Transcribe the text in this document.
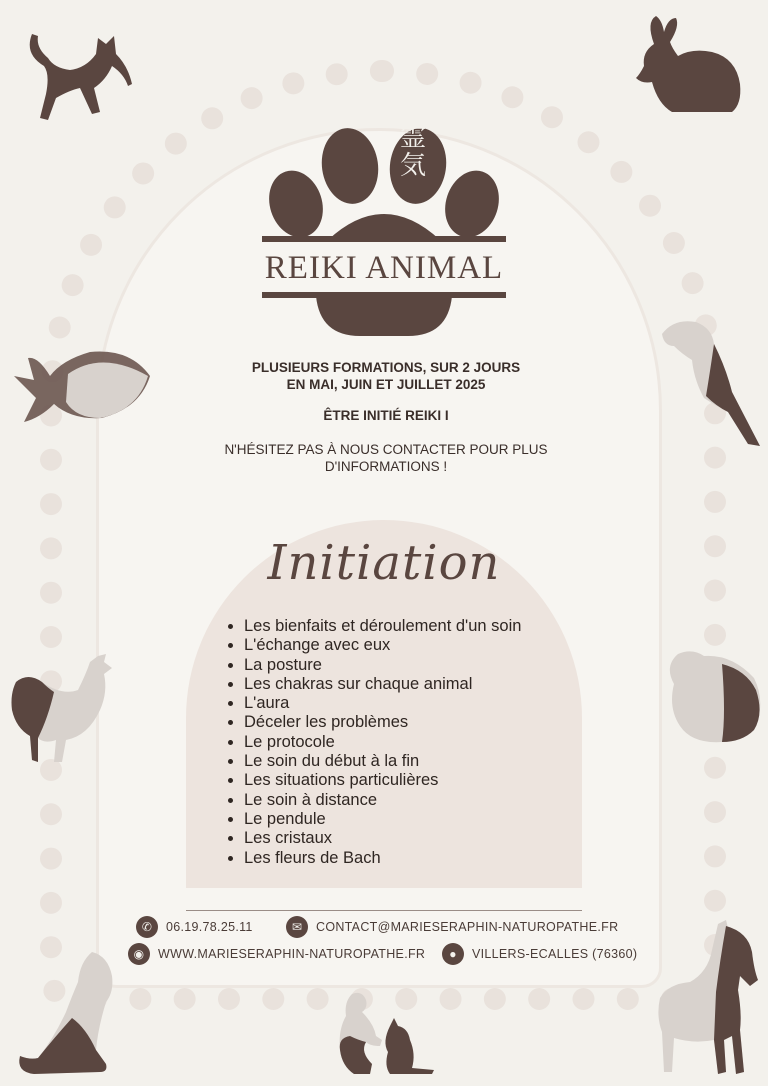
霊気
REIKI ANIMAL
PLUSIEURS FORMATIONS, SUR 2 JOURS
EN MAI, JUIN ET JUILLET 2025
ÊTRE INITIÉ REIKI I
N'HÉSITEZ PAS À NOUS CONTACTER POUR PLUS
D'INFORMATIONS !
Initiation
• Les bienfaits et déroulement d'un soin
• L'échange avec eux
• La posture
• Les chakras sur chaque animal
• L'aura
• Déceler les problèmes
• Le protocole
• Le soin du début à la fin
• Les situations particulières
• Le soin à distance
• Le pendule
• Les cristaux
• Les fleurs de Bach
✆	06.19.78.25.11	✉	CONTACT@MARIESERAPHIN-NATUROPATHE.FR
◉	WWW.MARIESERAPHIN-NATUROPATHE.FR	●	VILLERS-ECALLES (76360)
